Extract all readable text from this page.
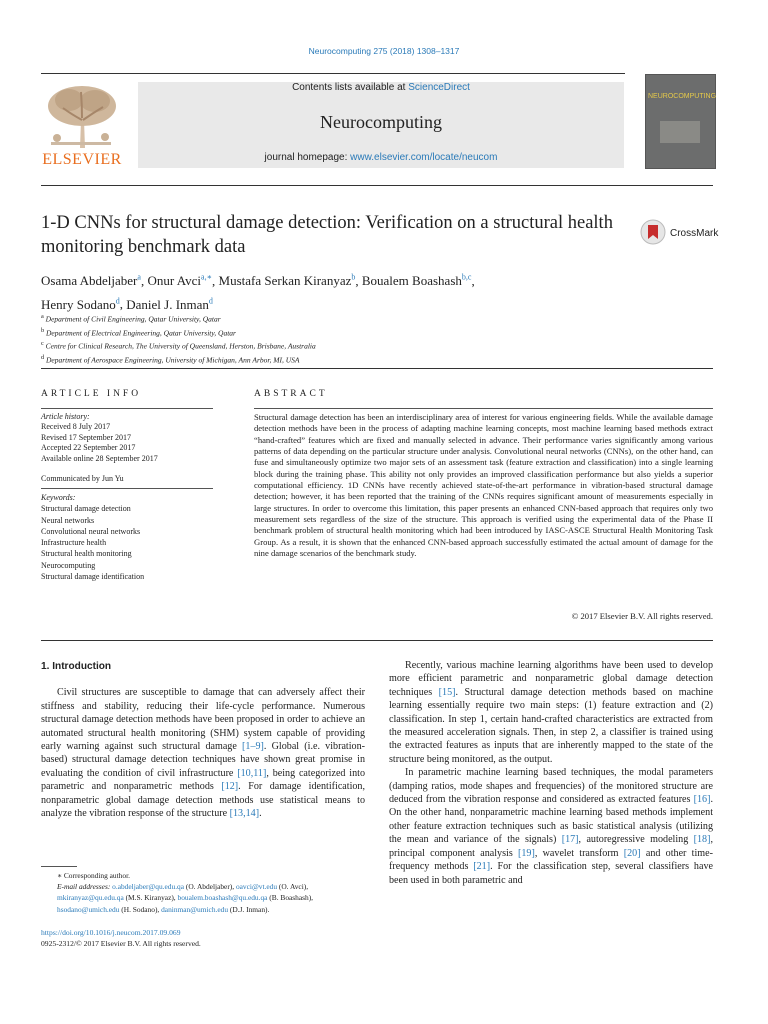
Neurocomputing 275 (2018) 1308–1317
ELSEVIER
Contents lists available at ScienceDirect
Neurocomputing
journal homepage: www.elsevier.com/locate/neucom
NEUROCOMPUTING
1-D CNNs for structural damage detection: Verification on a structural health monitoring benchmark data
CrossMark
Osama Abdeljaber$^a$, Onur Avci$^{a,∗}$, Mustafa Serkan Kiranyaz$^b$, Boualem Boashash$^{b,c}$,
Henry Sodano$^d$, Daniel J. Inman$^d$
$^a$ Department of Civil Engineering, Qatar University, Qatar
$^b$ Department of Electrical Engineering, Qatar University, Qatar
$^c$ Centre for Clinical Research, The University of Queensland, Herston, Brisbane, Australia
$^d$ Department of Aerospace Engineering, University of Michigan, Ann Arbor, MI, USA
ARTICLE INFO	ABSTRACT
Article history:
Received 8 July 2017
Revised 17 September 2017
Accepted 22 September 2017
Available online 28 September 2017
Communicated by Jun Yu
Keywords:
Structural damage detection
Neural networks
Convolutional neural networks
Infrastructure health
Structural health monitoring
Neurocomputing
Structural damage identification
Structural damage detection has been an interdisciplinary area of interest for various engineering fields. While the available damage detection methods have been in the process of adapting machine learning concepts, most machine learning based methods extract “hand-crafted” features which are fixed and manually selected in advance. Their performance varies significantly among various patterns of data depending on the particular structure under analysis. Convolutional neural networks (CNNs), on the other hand, can fuse and simultaneously optimize two major sets of an assessment task (feature extraction and classification) into a single learning block during the training phase. This ability not only provides an improved classification performance but also yields a superior computational efficiency. 1D CNNs have recently achieved state-of-the-art performance in vibration-based structural damage detection; however, it has been reported that the training of the CNNs requires significant amount of measurements especially in large structures. In order to overcome this limitation, this paper presents an enhanced CNN-based approach that requires only two measurement sets regardless of the size of the structure. This approach is verified using the experimental data of the Phase II benchmark problem of structural health monitoring which had been introduced by IASC-ASCE Structural Health Monitoring Task Group. As a result, it is shown that the enhanced CNN-based approach successfully estimated the actual amount of damage for the nine damage scenarios of the benchmark study.
© 2017 Elsevier B.V. All rights reserved.
1. Introduction

Civil structures are susceptible to damage that can adversely affect their stiffness and stability, reducing their life-cycle performance. Numerous structural damage detection methods have been proposed in order to achieve an automated structural health monitoring (SHM) system capable of providing early warning against such structural damage [1–9]. Global (i.e. vibration-based) structural damage detection techniques have shown great promise in evaluating the condition of civil infrastructure [10,11], being categorized into parametric and nonparametric methods [12]. For damage identification, nonparametric global damage detection methods use statistical means to analyze the vibration response of the structure [13,14].

Recently, various machine learning algorithms have been used to develop more efficient parametric and nonparametric global damage detection techniques [15]. Structural damage detection methods based on machine learning essentially require two main steps: (1) feature extraction and (2) classification. In step 1, certain hand-crafted characteristics are extracted from the measured acceleration signals. Then, in step 2, a classifier is trained using the extracted features as inputs that are inherently mapped to the state of the structure being monitored, as the output.

In parametric machine learning based techniques, the modal parameters (damping ratios, mode shapes and frequencies) of the monitored structure are deduced from the vibration response and considered as extracted features [16]. On the other hand, nonparametric machine learning based methods implement other feature extraction techniques such as basic statistical analysis (utilizing the mean and variance of the signals) [17], autoregressive modeling [18], principal component analysis [19], wavelet transform [20] and other time-frequency methods [21]. For the classification step, several classifiers have been used in both parametric and

∗ Corresponding author.
E-mail addresses: o.abdeljaber@qu.edu.qa (O. Abdeljaber), oavci@vt.edu (O. Avci), mkiranyaz@qu.edu.qa (M.S. Kiranyaz), boualem.boashash@qu.edu.qa (B. Boashash), hsodano@umich.edu (H. Sodano), daninman@umich.edu (D.J. Inman).
https://doi.org/10.1016/j.neucom.2017.09.069
0925-2312/© 2017 Elsevier B.V. All rights reserved.
